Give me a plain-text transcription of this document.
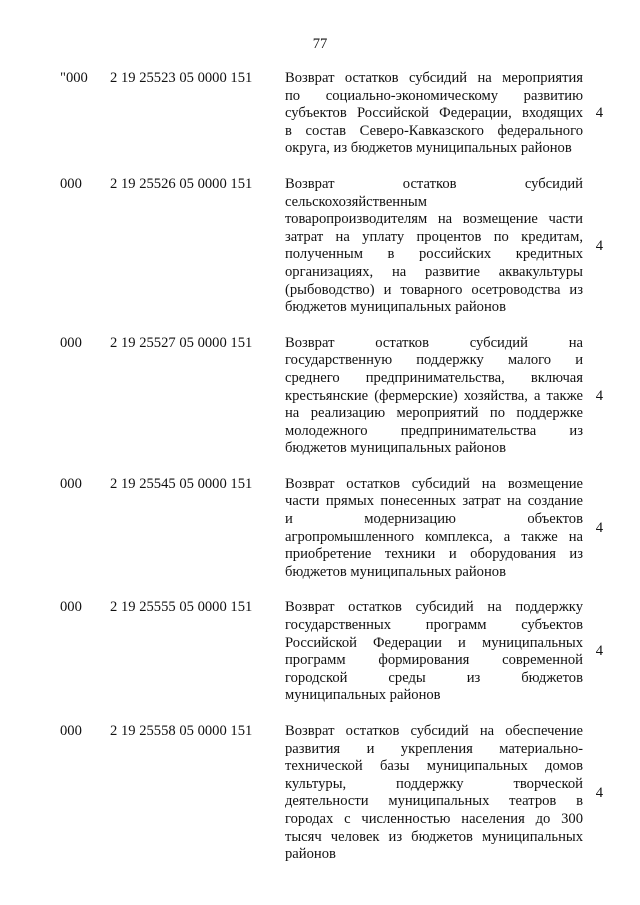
77
"000	2 19 25523 05 0000 151	Возврат остатков субсидий на мероприятия
по социально-экономическому развитию
субъектов Российской Федерации, входящих
в состав Северо-Кавказского федерального
округа, из бюджетов муниципальных районов
4
000	2 19 25526 05 0000 151	Возврат остатков субсидий
сельскохозяйственным
товаропроизводителям на возмещение части
затрат на уплату процентов по кредитам,
полученным в российских кредитных
организациях, на развитие аквакультуры
(рыбоводство) и товарного осетроводства из
бюджетов муниципальных районов
4
000	2 19 25527 05 0000 151	Возврат остатков субсидий на
государственную поддержку малого и
среднего предпринимательства, включая
крестьянские (фермерские) хозяйства, а также
на реализацию мероприятий по поддержке
молодежного предпринимательства из
бюджетов муниципальных районов
4
000	2 19 25545 05 0000 151	Возврат остатков субсидий на возмещение
части прямых понесенных затрат на создание
и модернизацию объектов
агропромышленного комплекса, а также на
приобретение техники и оборудования из
бюджетов муниципальных районов
4
000	2 19 25555 05 0000 151	Возврат остатков субсидий на поддержку
государственных программ субъектов
Российской Федерации и муниципальных
программ формирования современной
городской среды из бюджетов
муниципальных районов
4
000	2 19 25558 05 0000 151	Возврат остатков субсидий на обеспечение
развития и укрепления материально-
технической базы муниципальных домов
культуры, поддержку творческой
деятельности муниципальных театров в
городах с численностью населения до 300
тысяч человек из бюджетов муниципальных
районов
4
